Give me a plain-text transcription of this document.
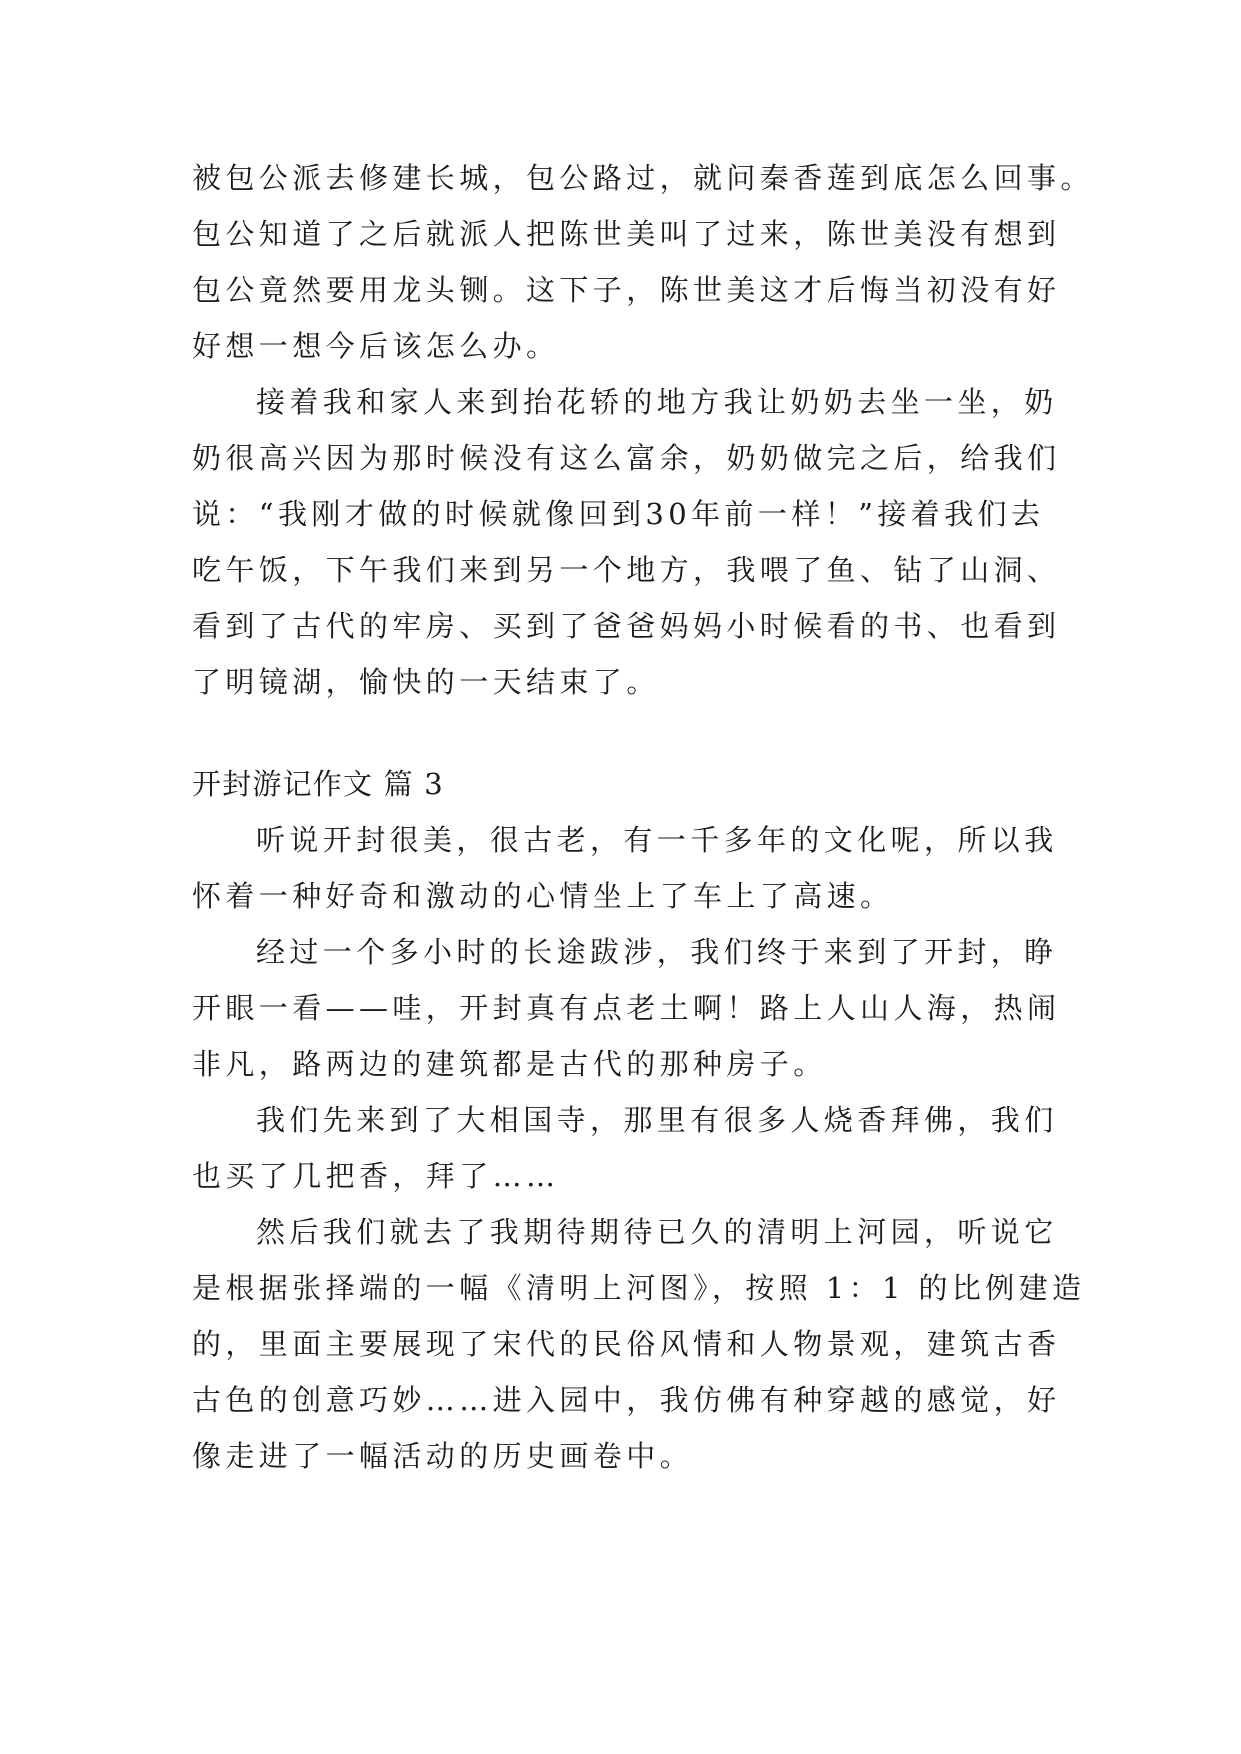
被包公派去修建长城，包公路过，就问秦香莲到底怎么回事。
包公知道了之后就派人把陈世美叫了过来，陈世美没有想到
包公竟然要用龙头铡。这下子，陈世美这才后悔当初没有好
好想一想今后该怎么办。
接着我和家人来到抬花轿的地方我让奶奶去坐一坐，奶
奶很高兴因为那时候没有这么富余，奶奶做完之后，给我们
说：“我刚才做的时候就像回到30年前一样！”接着我们去
吃午饭，下午我们来到另一个地方，我喂了鱼、钻了山洞、
看到了古代的牢房、买到了爸爸妈妈小时候看的书、也看到
了明镜湖，愉快的一天结束了。
开封游记作文 篇 3
听说开封很美，很古老，有一千多年的文化呢，所以我
怀着一种好奇和激动的心情坐上了车上了高速。
经过一个多小时的长途跋涉，我们终于来到了开封，睁
开眼一看——哇，开封真有点老土啊！路上人山人海，热闹
非凡，路两边的建筑都是古代的那种房子。
我们先来到了大相国寺，那里有很多人烧香拜佛，我们
也买了几把香，拜了……
然后我们就去了我期待期待已久的清明上河园，听说它
是根据张择端的一幅《清明上河图》，按照 1：1 的比例建造
的，里面主要展现了宋代的民俗风情和人物景观，建筑古香
古色的创意巧妙……进入园中，我仿佛有种穿越的感觉，好
像走进了一幅活动的历史画卷中。
